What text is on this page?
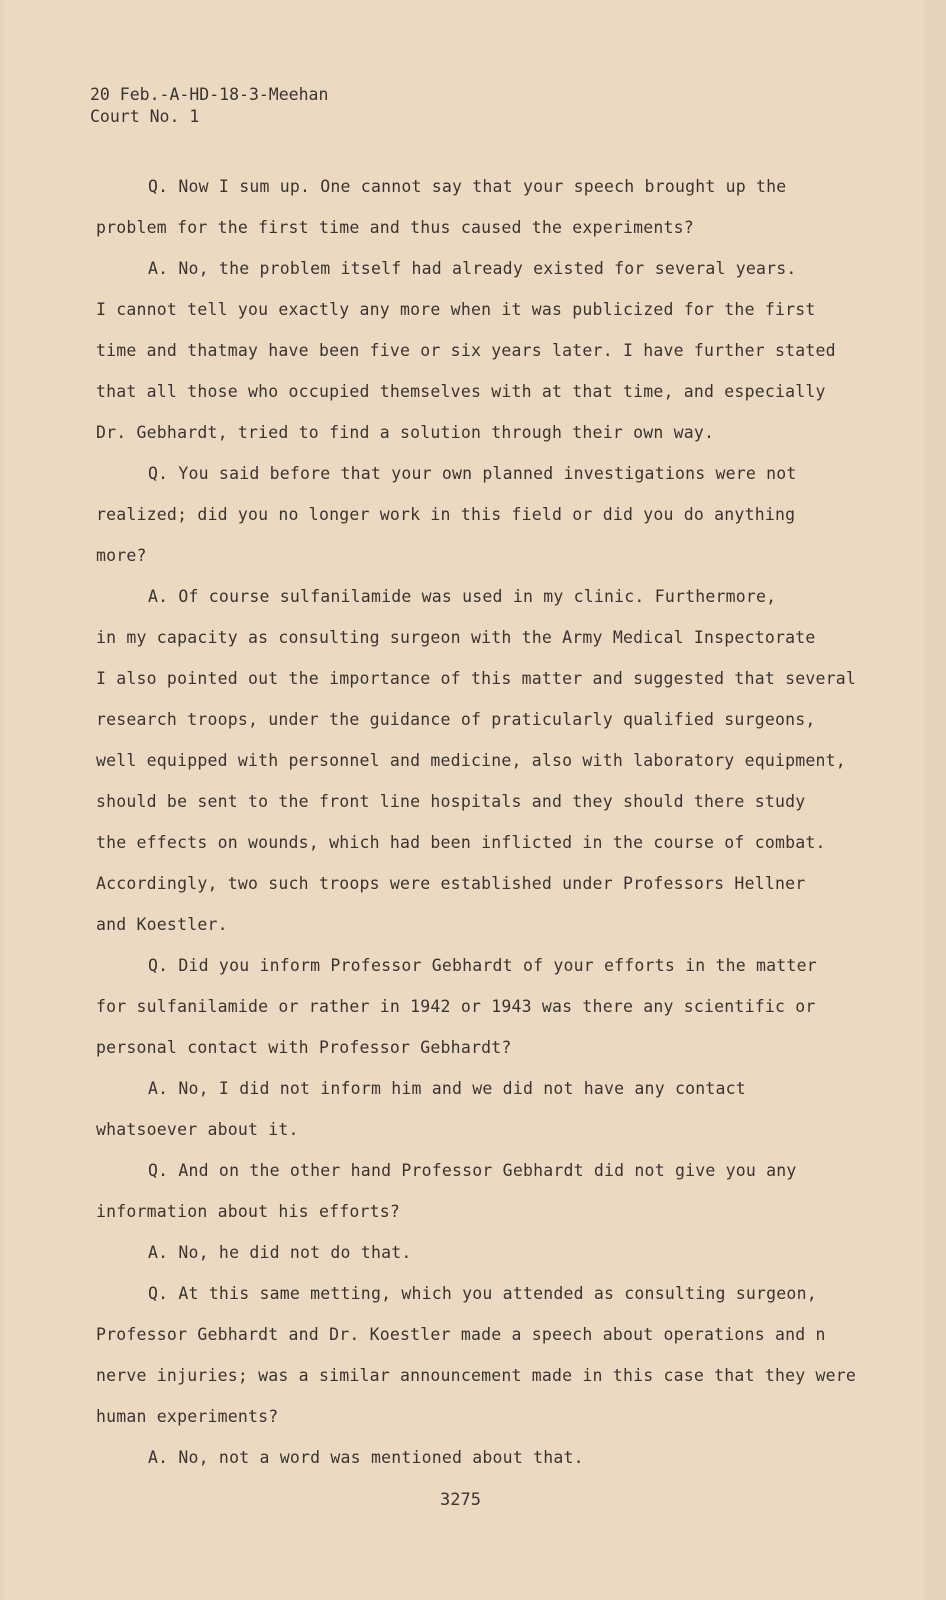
20 Feb.-A-HD-18-3-Meehan
Court No. 1
Q. Now I sum up. One cannot say that your speech brought up the
problem for the first time and thus caused the experiments?
A. No, the problem itself had already existed for several years.
I cannot tell you exactly any more when it was publicized for the first
time and thatmay have been five or six years later. I have further stated
that all those who occupied themselves with at that time, and especially
Dr. Gebhardt, tried to find a solution through their own way.
Q. You said before that your own planned investigations were not
realized; did you no longer work in this field or did you do anything
more?
A. Of course sulfanilamide was used in my clinic. Furthermore,
in my capacity as consulting surgeon with the Army Medical Inspectorate
I also pointed out the importance of this matter and suggested that several
research troops, under the guidance of praticularly qualified surgeons,
well equipped with personnel and medicine, also with laboratory equipment,
should be sent to the front line hospitals and they should there study
the effects on wounds, which had been inflicted in the course of combat.
Accordingly, two such troops were established under Professors Hellner
and Koestler.
Q. Did you inform Professor Gebhardt of your efforts in the matter
for sulfanilamide or rather in 1942 or 1943 was there any scientific or
personal contact with Professor Gebhardt?
A. No, I did not inform him and we did not have any contact
whatsoever about it.
Q. And on the other hand Professor Gebhardt did not give you any
information about his efforts?
A. No, he did not do that.
Q. At this same metting, which you attended as consulting surgeon,
Professor Gebhardt and Dr. Koestler made a speech about operations and n
nerve injuries; was a similar announcement made in this case that they were
human experiments?
A. No, not a word was mentioned about that.
3275
